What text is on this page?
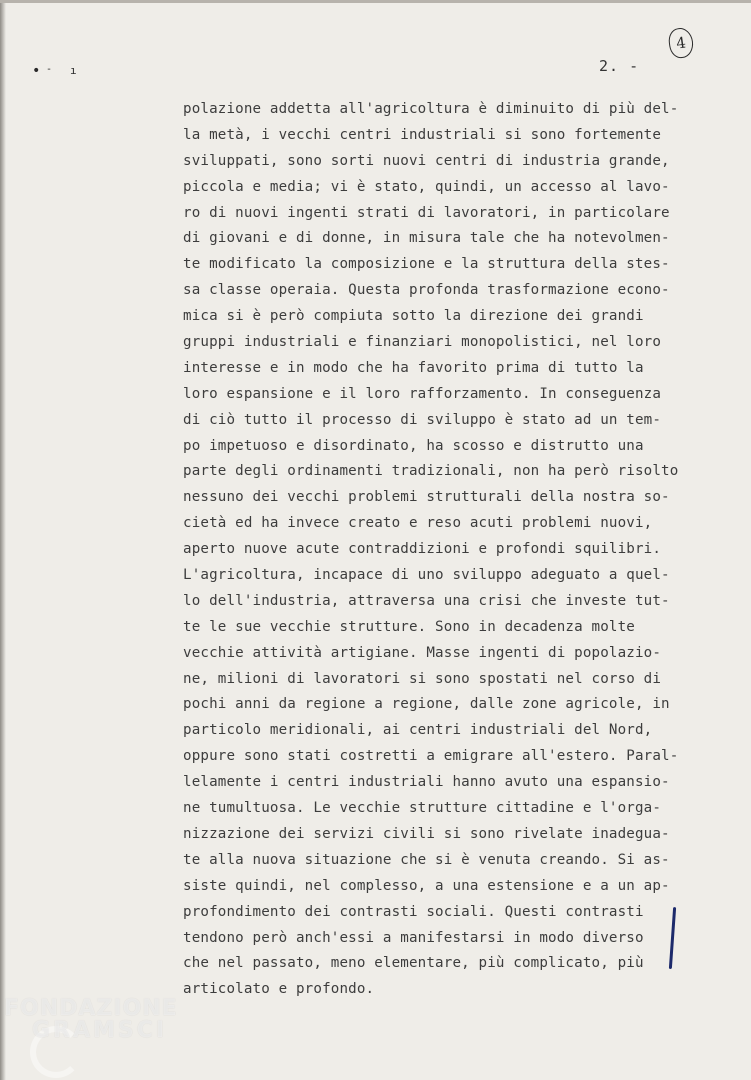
• - ı	2. -
4
polazione addetta all'agricoltura è diminuito di più del-
la metà, i vecchi centri industriali si sono fortemente
sviluppati, sono sorti nuovi centri di industria grande,
piccola e media; vi è stato, quindi, un accesso al lavo-
ro di nuovi ingenti strati di lavoratori, in particolare
di giovani e di donne, in misura tale che ha notevolmen-
te modificato la composizione e la struttura della stes-
sa classe operaia. Questa profonda trasformazione econo-
mica si è però compiuta sotto la direzione dei grandi
gruppi industriali e finanziari monopolistici, nel loro
interesse e in modo che ha favorito prima di tutto la
loro espansione e il loro rafforzamento. In conseguenza
di ciò tutto il processo di sviluppo è stato ad un tem-
po impetuoso e disordinato, ha scosso e distrutto una
parte degli ordinamenti tradizionali, non ha però risolto
nessuno dei vecchi problemi strutturali della nostra so-
cietà ed ha invece creato e reso acuti problemi nuovi,
aperto nuove acute contraddizioni e profondi squilibri.
L'agricoltura, incapace di uno sviluppo adeguato a quel-
lo dell'industria, attraversa una crisi che investe tut-
te le sue vecchie strutture. Sono in decadenza molte
vecchie attività artigiane. Masse ingenti di popolazio-
ne, milioni di lavoratori si sono spostati nel corso di
pochi anni da regione a regione, dalle zone agricole, in
particolo meridionali, ai centri industriali del Nord,
oppure sono stati costretti a emigrare all'estero. Paral-
lelamente i centri industriali hanno avuto una espansio-
ne tumultuosa. Le vecchie strutture cittadine e l'orga-
nizzazione dei servizi civili si sono rivelate inadegua-
te alla nuova situazione che si è venuta creando. Si as-
siste quindi, nel complesso, a una estensione e a un ap-
profondimento dei contrasti sociali. Questi contrasti
tendono però anch'essi a manifestarsi in modo diverso
che nel passato, meno elementare, più complicato, più
articolato e profondo.
FONDAZIONE
GRAMSCI
